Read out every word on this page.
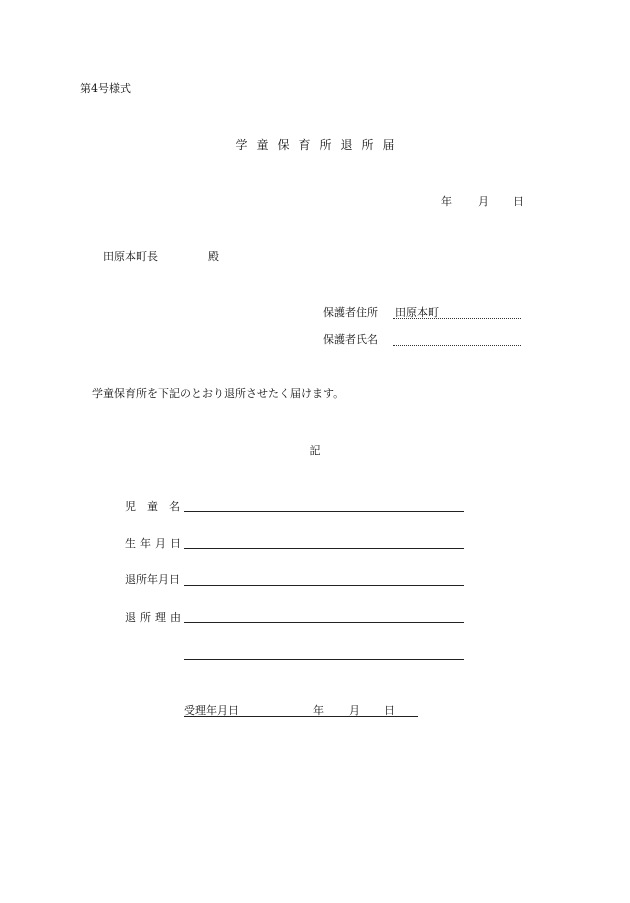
第4号様式
学童保育所退所届
年 月 日
田原本町長	殿
保護者住所 田原本町
保護者氏名
学童保育所を下記のとおり退所させたく届けます。
記
児　童　名
生年月日
退所年月日
退所理由
受理年月日	年 月 日
